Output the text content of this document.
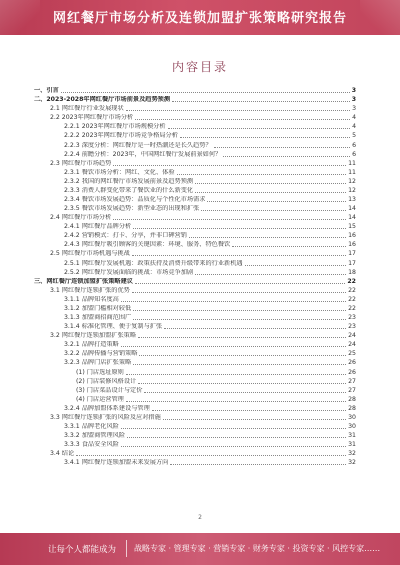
网红餐厅市场分析及连锁加盟扩张策略研究报告
内容目录
一、引言	3
二、2023-2028年网红餐厅市场前景及趋势预测	3
2.1 网红餐厅行业发展现状	3
2.2 2023年网红餐厅市场分析	4
2.2.1 2023年网红餐厅市场规模分析	4
2.2.2 2023年网红餐厅市场竞争格局分析	5
2.2.3 深度分析：网红餐厅是一时热潮还是长久趋势？	6
2.2.4 前瞻分析：2023年，中国网红餐厅发展前景如何？	6
2.3 网红餐厅市场趋势	11
2.3.1 餐饮市场分析：网红、文化、体验	11
2.3.2 我国的网红餐厅市场发展前景及趋势预测	12
2.3.3 消费人群变化带来了餐饮业的什么新变化	12
2.3.4 餐饮市场发展趋势：品质化与个性化市场需求	13
2.3.5 餐饮市场发展趋势：新型业态的出现和扩张	14
2.4 网红餐厅市场分析	14
2.4.1 网红餐厅品牌分析	15
2.4.2 营销模式：打卡、分享，并非口碑营销	16
2.4.3 网红餐厅吸引顾客的关键因素：环境、服务、特色餐饮	16
2.5 网红餐厅市场机遇与挑战	17
2.5.1 网红餐厅发展机遇：政策扶持及消费升级带来的行业新机遇	17
2.5.2 网红餐厅发展面临的挑战：市场竞争加剧	18
三、网红餐厅连锁加盟扩张策略建议	22
3.1 网红餐厅连锁扩张的优势	22
3.1.1 品牌知名度高	22
3.1.2 加盟门槛相对较低	22
3.1.3 加盟商招商范围广	23
3.1.4 标准化管理、便于复制与扩张	23
3.2 网红餐厅连锁加盟扩张策略	24
3.2.1 品牌打造策略	24
3.2.2 品牌传播与营销策略	25
3.2.3 品牌门店扩张策略	26
(1) 门店选址原则	26
(2) 门店装修风格设计	27
(3) 门店菜品设计与定价	27
(4) 门店运营管理	28
3.2.4 品牌加盟体系建设与管理	28
3.3 网红餐厅连锁扩张的风险及应对措施	30
3.3.1 品牌老化风险	30
3.3.2 加盟商管理风险	31
3.3.3 食品安全风险	31
3.4 结论	32
3.4.1 网红餐厅连锁加盟未来发展方向	32
2
让每个人都能成为 战略专家 · 管理专家 · 营销专家 · 财务专家 · 投资专家 · 风控专家……
